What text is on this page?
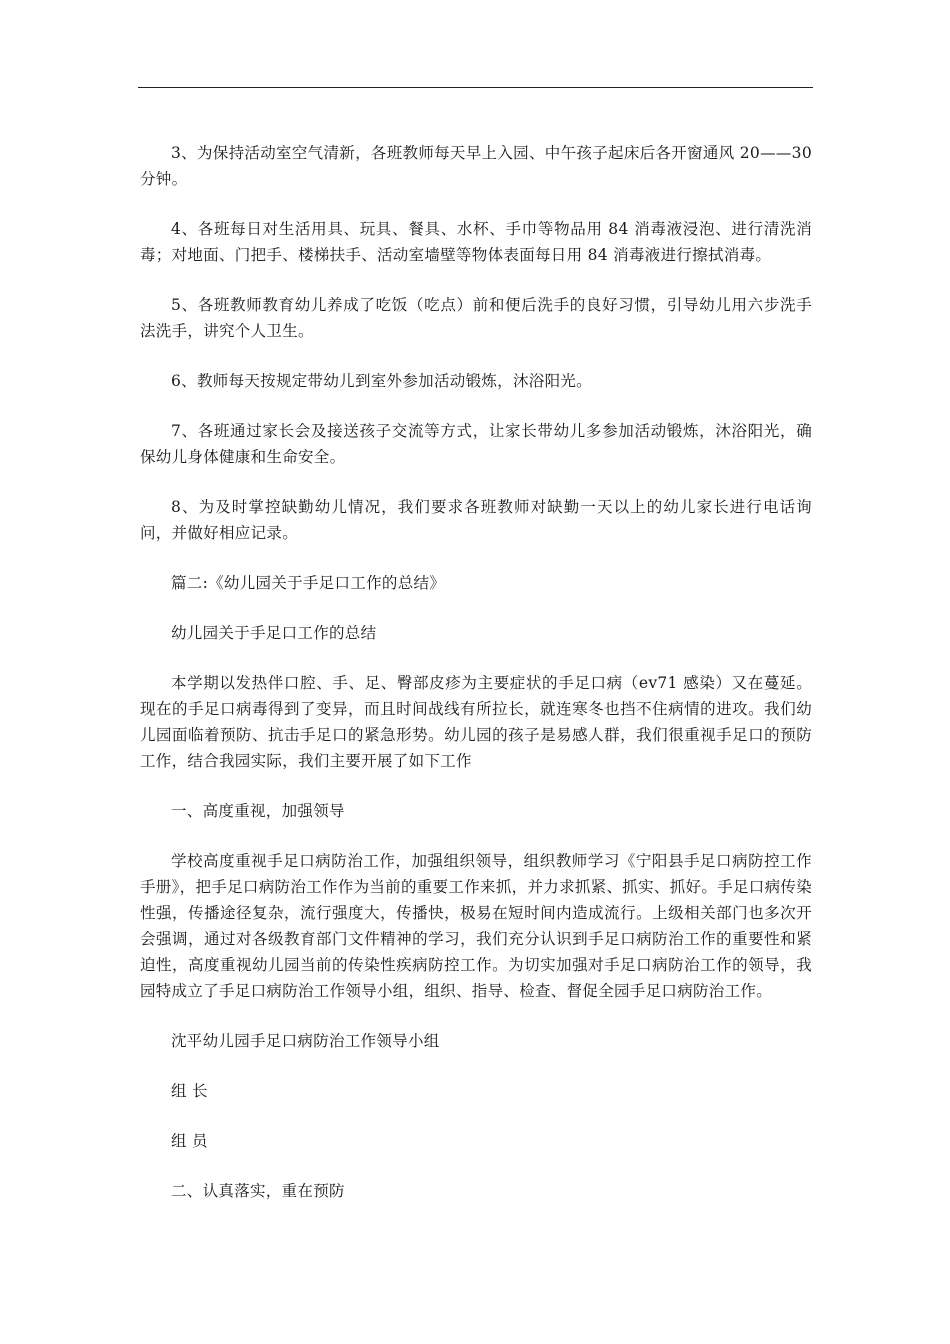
3、为保持活动室空气清新，各班教师每天早上入园、中午孩子起床后各开窗通风 20——30 分钟。

4、各班每日对生活用具、玩具、餐具、水杯、手巾等物品用 84 消毒液浸泡、进行清洗消毒；对地面、门把手、楼梯扶手、活动室墙壁等物体表面每日用 84 消毒液进行擦拭消毒。

5、各班教师教育幼儿养成了吃饭（吃点）前和便后洗手的良好习惯，引导幼儿用六步洗手法洗手，讲究个人卫生。

6、教师每天按规定带幼儿到室外参加活动锻炼，沐浴阳光。

7、各班通过家长会及接送孩子交流等方式，让家长带幼儿多参加活动锻炼，沐浴阳光，确保幼儿身体健康和生命安全。

8、为及时掌控缺勤幼儿情况，我们要求各班教师对缺勤一天以上的幼儿家长进行电话询问，并做好相应记录。

篇二:《幼儿园关于手足口工作的总结》

幼儿园关于手足口工作的总结

本学期以发热伴口腔、手、足、臀部皮疹为主要症状的手足口病（ev71 感染）又在蔓延。现在的手足口病毒得到了变异，而且时间战线有所拉长，就连寒冬也挡不住病情的进攻。我们幼儿园面临着预防、抗击手足口的紧急形势。幼儿园的孩子是易感人群，我们很重视手足口的预防工作，结合我园实际，我们主要开展了如下工作

一、高度重视，加强领导

学校高度重视手足口病防治工作，加强组织领导，组织教师学习《宁阳县手足口病防控工作手册》，把手足口病防治工作作为当前的重要工作来抓，并力求抓紧、抓实、抓好。手足口病传染性强，传播途径复杂，流行强度大，传播快，极易在短时间内造成流行。上级相关部门也多次开会强调，通过对各级教育部门文件精神的学习，我们充分认识到手足口病防治工作的重要性和紧迫性，高度重视幼儿园当前的传染性疾病防控工作。为切实加强对手足口病防治工作的领导，我园特成立了手足口病防治工作领导小组，组织、指导、检查、督促全园手足口病防治工作。

沈平幼儿园手足口病防治工作领导小组

组 长

组 员

二、认真落实，重在预防
